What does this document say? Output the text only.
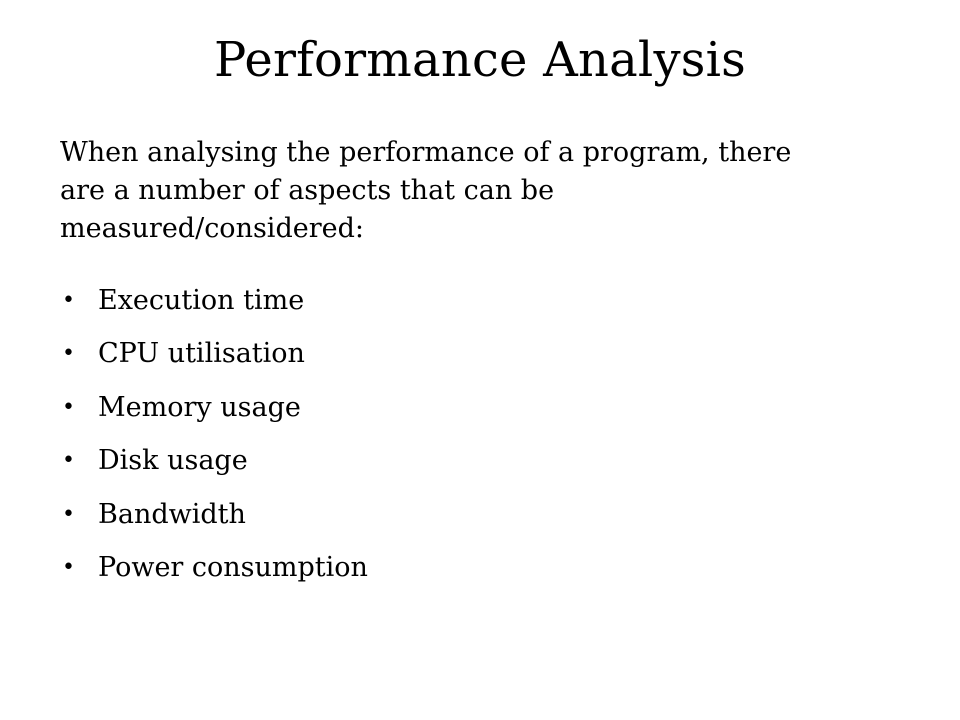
Performance Analysis

When analysing the performance of a program, there are a number of aspects that can be measured/considered:

• Execution time
• CPU utilisation
• Memory usage
• Disk usage
• Bandwidth
• Power consumption
